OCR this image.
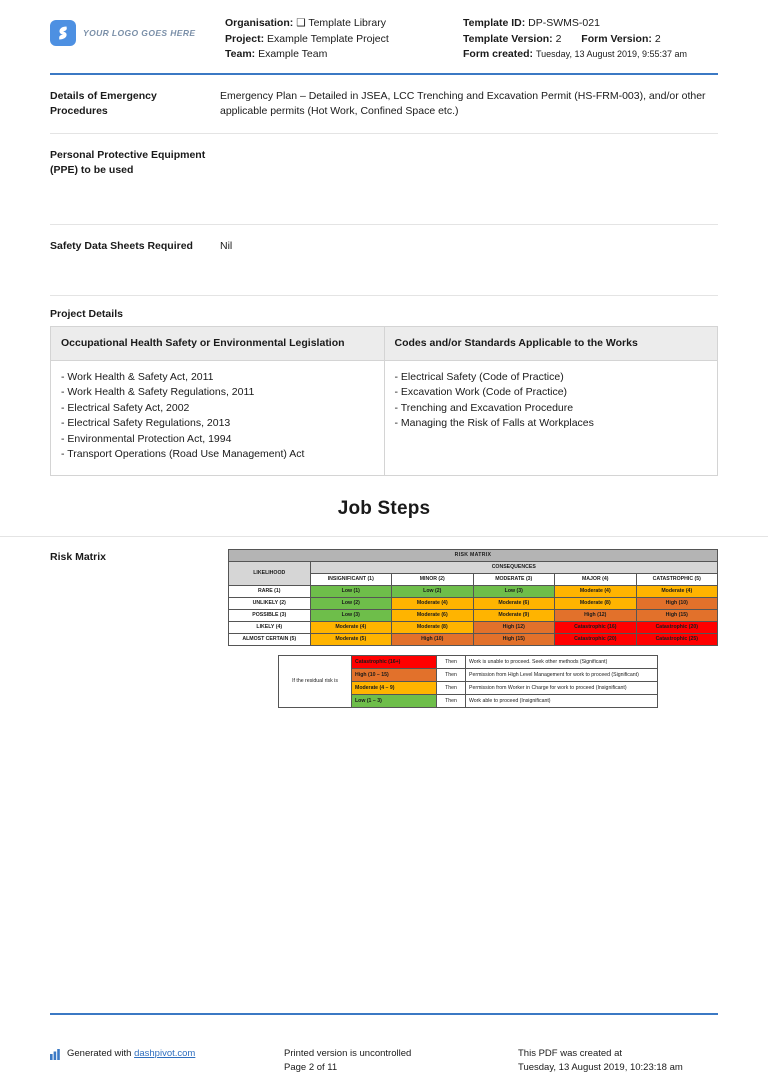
YOUR LOGO GOES HERE
Organisation: ❑ Template Library
Project: Example Template Project
Team: Example Team
Template ID: DP-SWMS-021
Template Version: 2 Form Version: 2
Form created: Tuesday, 13 August 2019, 9:55:37 am
Details of Emergency Procedures
Emergency Plan – Detailed in JSEA, LCC Trenching and Excavation Permit (HS-FRM-003), and/or other applicable permits (Hot Work, Confined Space etc.)
Personal Protective Equipment (PPE) to be used
Safety Data Sheets Required	Nil
Project Details
Occupational Health Safety or Environmental Legislation	Codes and/or Standards Applicable to the Works

- Work Health & Safety Act, 2011
- Work Health & Safety Regulations, 2011
- Electrical Safety Act, 2002
- Electrical Safety Regulations, 2013
- Environmental Protection Act, 1994
- Transport Operations (Road Use Management) Act

- Electrical Safety (Code of Practice)
- Excavation Work (Code of Practice)
- Trenching and Excavation Procedure
- Managing the Risk of Falls at Workplaces
Job Steps
Risk Matrix	RISK MATRIX					
LIKELIHOOD	CONSEQUENCES				
	INSIGNIFICANT (1)	MINOR (2)	MODERATE (3)	MAJOR (4)	CATASTROPHIC (5)
RARE (1)	Low (1)	Low (2)	Low (3)	Moderate (4)	Moderate (4)
UNLIKELY (2)	Low (2)	Moderate (4)	Moderate (6)	Moderate (8)	High (10)
POSSIBLE (3)	Low (3)	Moderate (6)	Moderate (9)	High (12)	High (15)
LIKELY (4)	Moderate (4)	Moderate (8)	High (12)	Catastrophic (16)	Catastrophic (20)
ALMOST CERTAIN (5)	Moderate (5)	High (10)	High (15)	Catastrophic (20)	Catastrophic (25)
If the residual risk is	Catastrophic (16+)	Then	Work is unable to proceed. Seek other methods (Significant)
	High (10 – 15)	Then	Permission from High Level Management for work to proceed (Significant)
	Moderate (4 – 9)	Then	Permission from Worker in Charge for work to proceed (Insignificant)
	Low (1 – 3)	Then	Work able to proceed (Insignificant)
Generated with dashpivot.com	Printed version is uncontrolled
Page 2 of 11
This PDF was created at
Tuesday, 13 August 2019, 10:23:18 am
